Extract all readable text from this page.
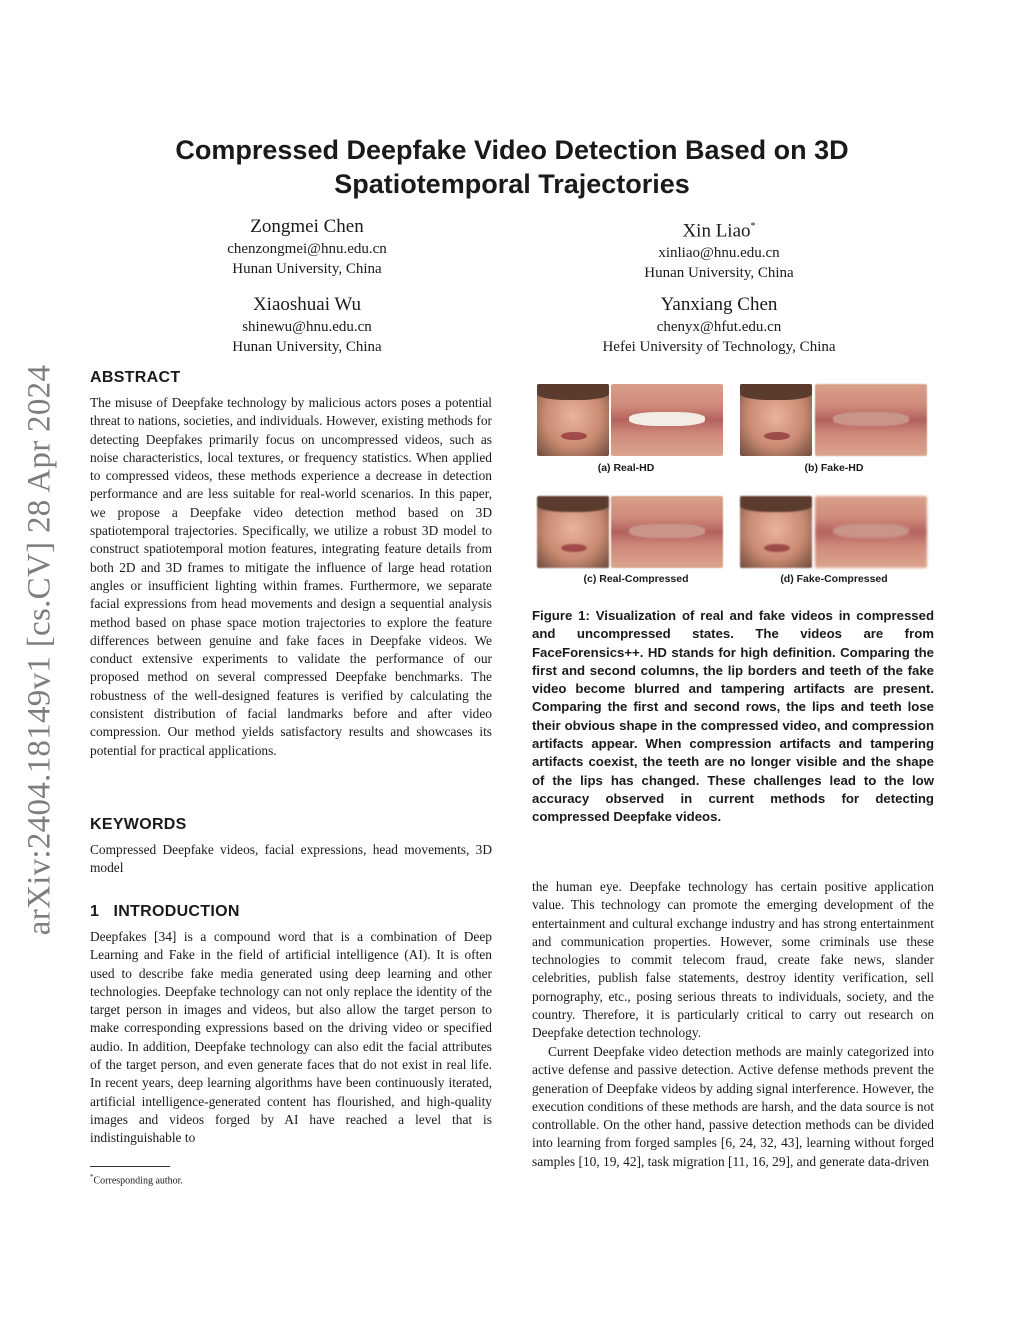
arXiv:2404.18149v1 [cs.CV] 28 Apr 2024
Compressed Deepfake Video Detection Based on 3D Spatiotemporal Trajectories
Zongmei Chen
chenzongmei@hnu.edu.cn
Hunan University, China
Xin Liao*
xinliao@hnu.edu.cn
Hunan University, China
Xiaoshuai Wu
shinewu@hnu.edu.cn
Hunan University, China
Yanxiang Chen
chenyx@hfut.edu.cn
Hefei University of Technology, China
ABSTRACT

The misuse of Deepfake technology by malicious actors poses a potential threat to nations, societies, and individuals. However, existing methods for detecting Deepfakes primarily focus on uncompressed videos, such as noise characteristics, local textures, or frequency statistics. When applied to compressed videos, these methods experience a decrease in detection performance and are less suitable for real-world scenarios. In this paper, we propose a Deepfake video detection method based on 3D spatiotemporal trajectories. Specifically, we utilize a robust 3D model to construct spatiotemporal motion features, integrating feature details from both 2D and 3D frames to mitigate the influence of large head rotation angles or insufficient lighting within frames. Furthermore, we separate facial expressions from head movements and design a sequential analysis method based on phase space motion trajectories to explore the feature differences between genuine and fake faces in Deepfake videos. We conduct extensive experiments to validate the performance of our proposed method on several compressed Deepfake benchmarks. The robustness of the well-designed features is verified by calculating the consistent distribution of facial landmarks before and after video compression. Our method yields satisfactory results and showcases its potential for practical applications.

KEYWORDS

Compressed Deepfake videos, facial expressions, head movements, 3D model

1 INTRODUCTION

Deepfakes [34] is a compound word that is a combination of Deep Learning and Fake in the field of artificial intelligence (AI). It is often used to describe fake media generated using deep learning and other technologies. Deepfake technology can not only replace the identity of the target person in images and videos, but also allow the target person to make corresponding expressions based on the driving video or specified audio. In addition, Deepfake technology can also edit the facial attributes of the target person, and even generate faces that do not exist in real life. In recent years, deep learning algorithms have been continuously iterated, artificial intelligence-generated content has flourished, and high-quality images and videos forged by AI have reached a level that is indistinguishable to

*Corresponding author.
(a) Real-HD	(b) Fake-HD
(c) Real-Compressed	(d) Fake-Compressed

Figure 1: Visualization of real and fake videos in compressed and uncompressed states. The videos are from FaceForensics++. HD stands for high definition. Comparing the first and second columns, the lip borders and teeth of the fake video become blurred and tampering artifacts are present. Comparing the first and second rows, the lips and teeth lose their obvious shape in the compressed video, and compression artifacts appear. When compression artifacts and tampering artifacts coexist, the teeth are no longer visible and the shape of the lips has changed. These challenges lead to the low accuracy observed in current methods for detecting compressed Deepfake videos.

the human eye. Deepfake technology has certain positive application value. This technology can promote the emerging development of the entertainment and cultural exchange industry and has strong entertainment and communication properties. However, some criminals use these technologies to commit telecom fraud, create fake news, slander celebrities, publish false statements, destroy identity verification, sell pornography, etc., posing serious threats to individuals, society, and the country. Therefore, it is particularly critical to carry out research on Deepfake detection technology.

Current Deepfake video detection methods are mainly categorized into active defense and passive detection. Active defense methods prevent the generation of Deepfake videos by adding signal interference. However, the execution conditions of these methods are harsh, and the data source is not controllable. On the other hand, passive detection methods can be divided into learning from forged samples [6, 24, 32, 43], learning without forged samples [10, 19, 42], task migration [11, 16, 29], and generate data-driven
